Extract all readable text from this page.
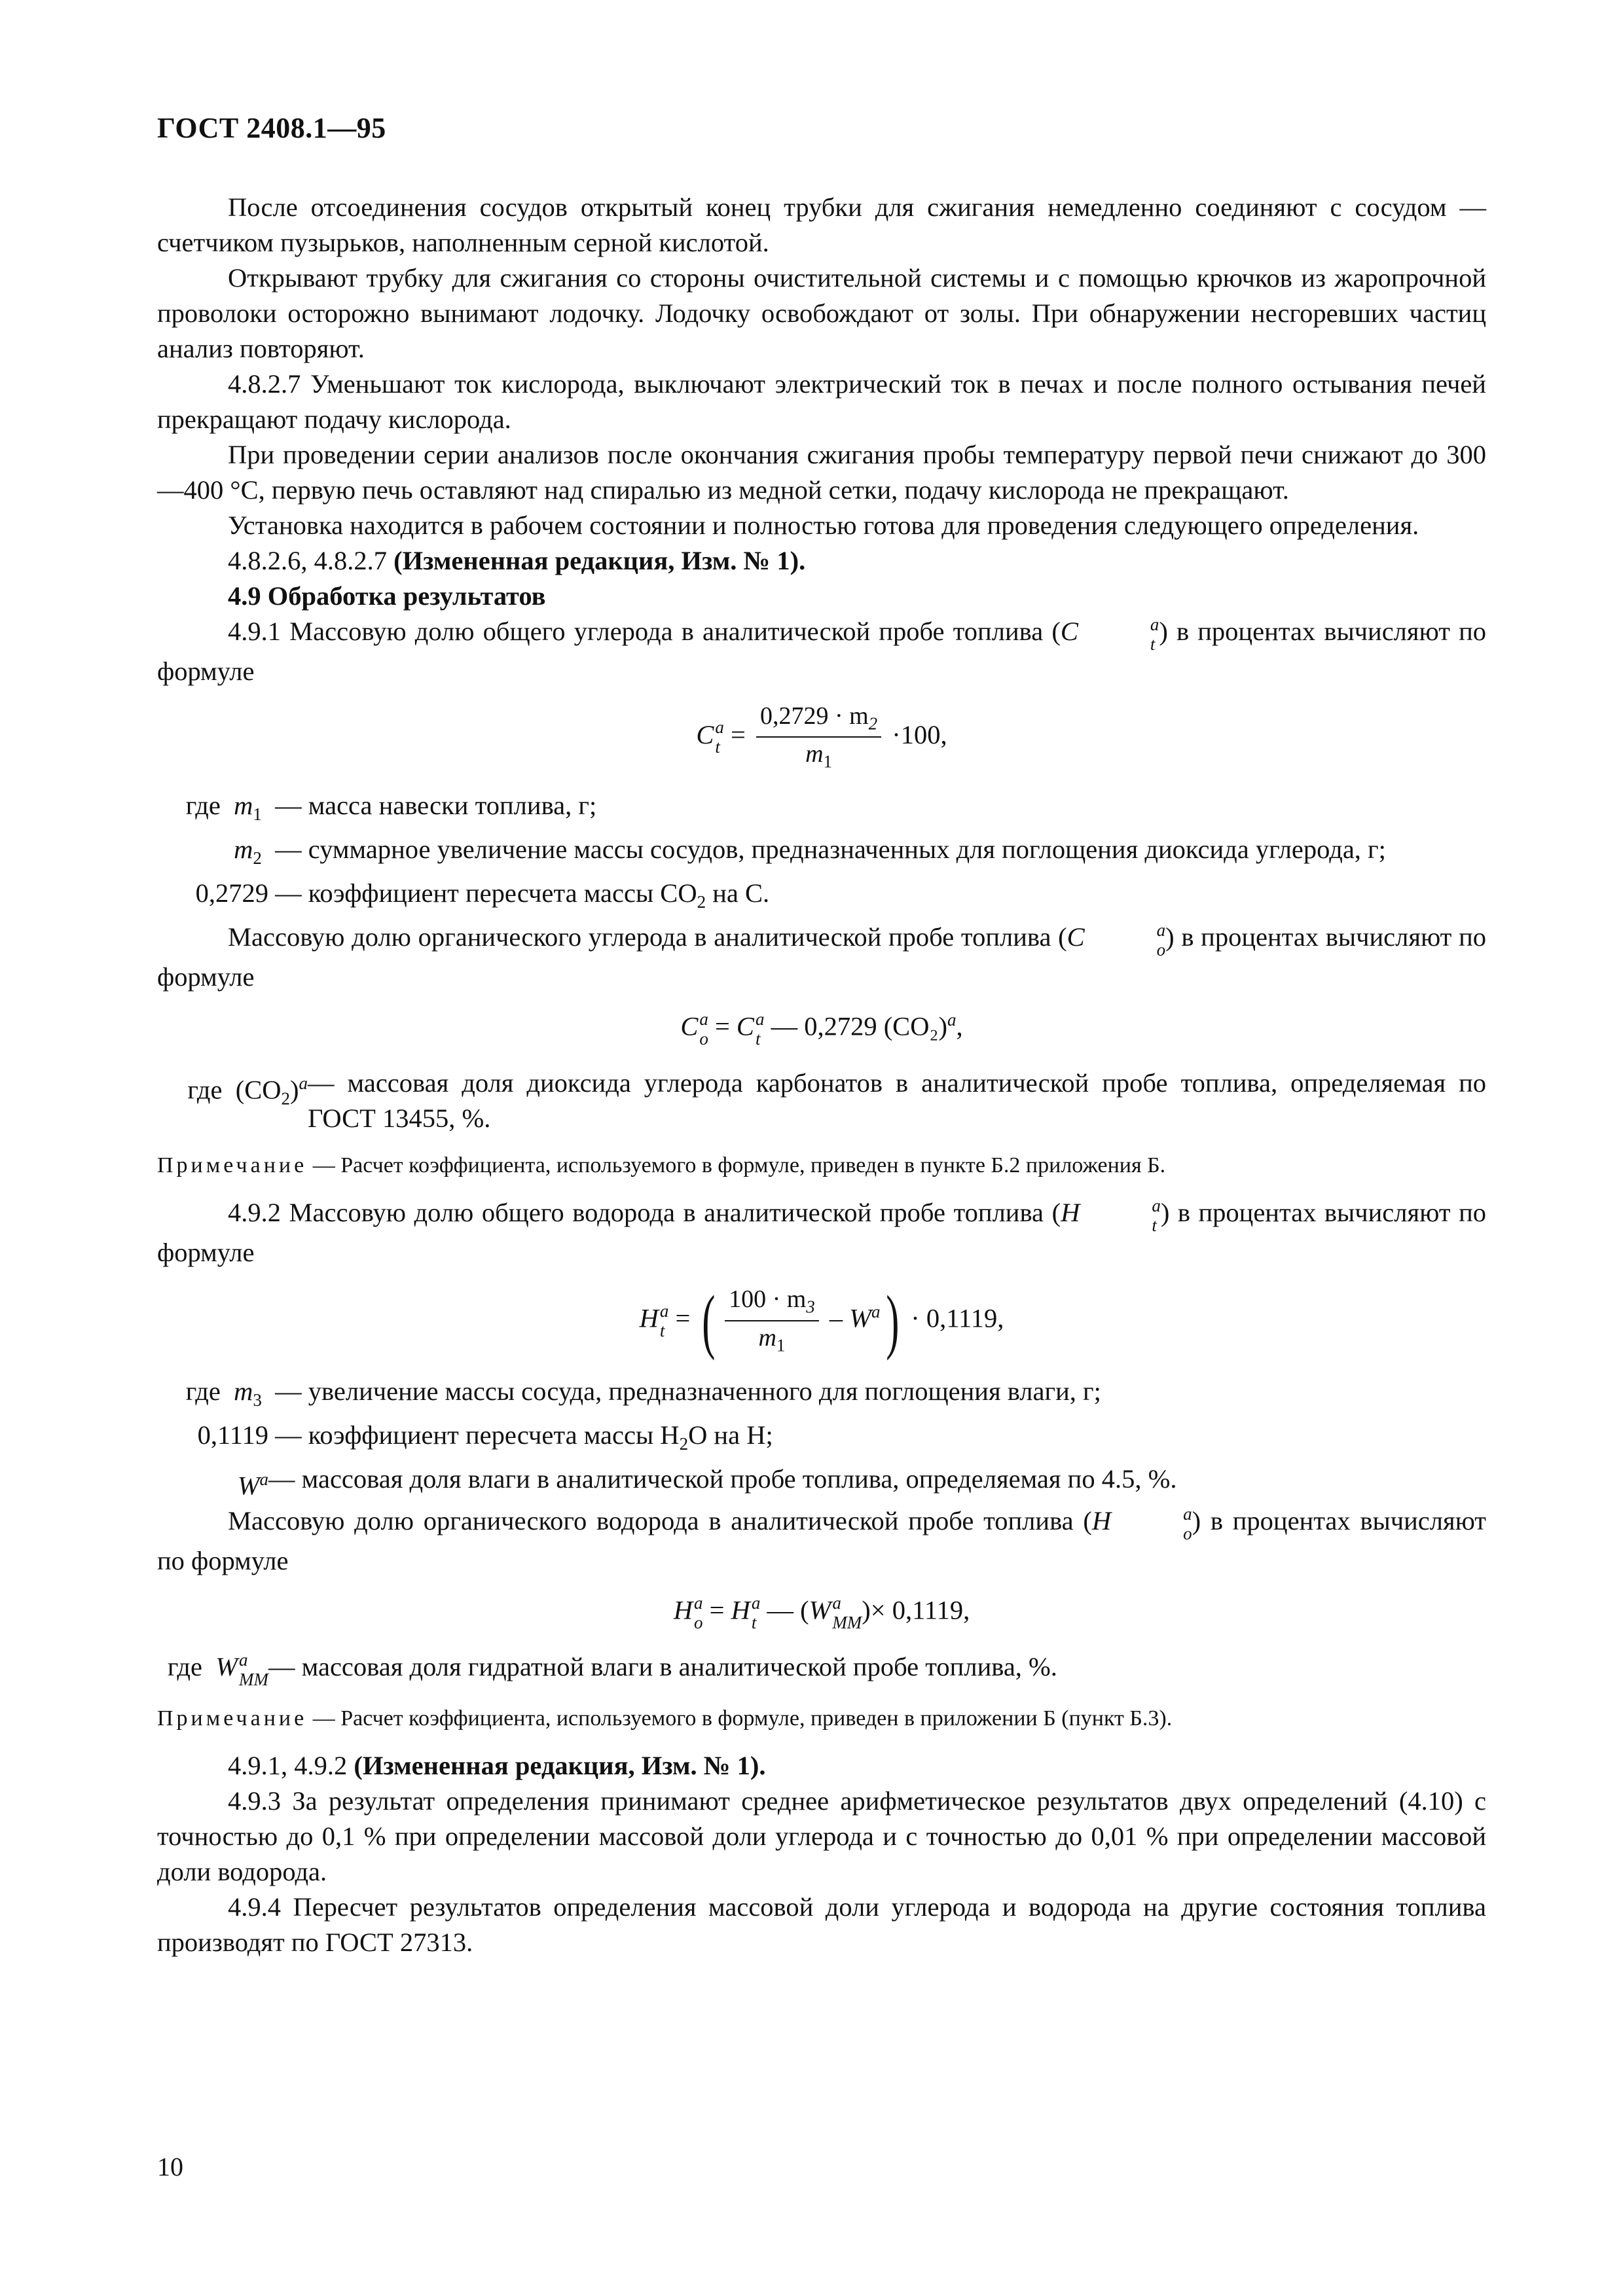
ГОСТ 2408.1—95

После отсоединения сосудов открытый конец трубки для сжигания немедленно соединяют с сосудом — счетчиком пузырьков, наполненным серной кислотой.

Открывают трубку для сжигания со стороны очистительной системы и с помощью крючков из жаропрочной проволоки осторожно вынимают лодочку. Лодочку освобождают от золы. При обнаружении несгоревших частиц анализ повторяют.

4.8.2.7 Уменьшают ток кислорода, выключают электрический ток в печах и после полного остывания печей прекращают подачу кислорода.

При проведении серии анализов после окончания сжигания пробы температуру первой печи снижают до 300—400 °С, первую печь оставляют над спиралью из медной сетки, подачу кислорода не прекращают.

Установка находится в рабочем состоянии и полностью готова для проведения следующего определения.

4.8.2.6, 4.8.2.7 (Измененная редакция, Изм. № 1).

4.9 Обработка результатов

4.9.1 Массовую долю общего углерода в аналитической пробе топлива (C	a
t ) в процентах вычисляют по формуле

C a
$t = \frac{0,2729 \cdot m_2}{m_1} \cdot 100$,
где  $m_1$ — масса навески топлива, г;
$m_2$ — суммарное увеличение массы сосудов, предназначенных для поглощения диоксида углерода, г;
0,2729 — коэффициент пересчета массы $CO_2$ на С.

Массовую долю органического углерода в аналитической пробе топлива (C	a
o ) в процентах вычисляют по формуле

C a
o = C a
t — 0,2729 $(CO_2)^a$,
где  $(CO_2)^a$ — массовая доля диоксида углерода карбонатов в аналитической пробе топлива, определяемая по ГОСТ 13455, %.
Примечание — Расчет коэффициента, используемого в формуле, приведен в пункте Б.2 приложения Б.

4.9.2 Массовую долю общего водорода в аналитической пробе топлива (H	a
t ) в процентах вычисляют по формуле

H a
t = ( $\frac{100 \cdot m_3}{m_1} - W^a) \cdot 0,1119$,
где  $m_3$ — увеличение массы сосуда, предназначенного для поглощения влаги, г;
0,1119 — коэффициент пересчета массы $H_2O$ на H;
$W^a$ — массовая доля влаги в аналитической пробе топлива, определяемая по 4.5, %.

Массовую долю органического водорода в аналитической пробе топлива (H	a
o ) в процентах вычисляют по формуле

H a
o = H a
t — (W a
MM )× 0,1119,
где  W a
MM — массовая доля гидратной влаги в аналитической пробе топлива, %.
Примечание — Расчет коэффициента, используемого в формуле, приведен в приложении Б (пункт Б.3).

4.9.1, 4.9.2 (Измененная редакция, Изм. № 1).

4.9.3 За результат определения принимают среднее арифметическое результатов двух определений (4.10) с точностью до 0,1 % при определении массовой доли углерода и с точностью до 0,01 % при определении массовой доли водорода.

4.9.4 Пересчет результатов определения массовой доли углерода и водорода на другие состояния топлива производят по ГОСТ 27313.

10
